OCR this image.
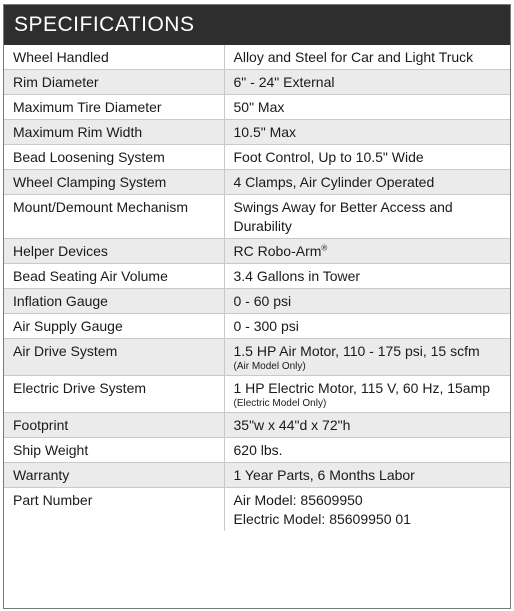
SPECIFICATIONS
Wheel Handled	Alloy and Steel for Car and Light Truck
Rim Diameter	6" - 24" External
Maximum Tire Diameter	50" Max
Maximum Rim Width	10.5" Max
Bead Loosening System	Foot Control, Up to 10.5" Wide
Wheel Clamping System	4 Clamps, Air Cylinder Operated
Mount/Demount Mechanism	Swings Away for Better Access and Durability
Helper Devices	RC Robo-Arm®
Bead Seating Air Volume	3.4 Gallons in Tower
Inflation Gauge	0 - 60 psi
Air Supply Gauge	0 - 300 psi
Air Drive System	1.5 HP Air Motor, 110 - 175 psi, 15 scfm
(Air Model Only)

Electric Drive System	1 HP Electric Motor, 115 V, 60 Hz, 15amp
(Electric Model Only)

Footprint	35"w x 44"d x 72"h
Ship Weight	620 lbs.
Warranty	1 Year Parts, 6 Months Labor
Part Number	Air Model: 85609950
Electric Model: 85609950 01
